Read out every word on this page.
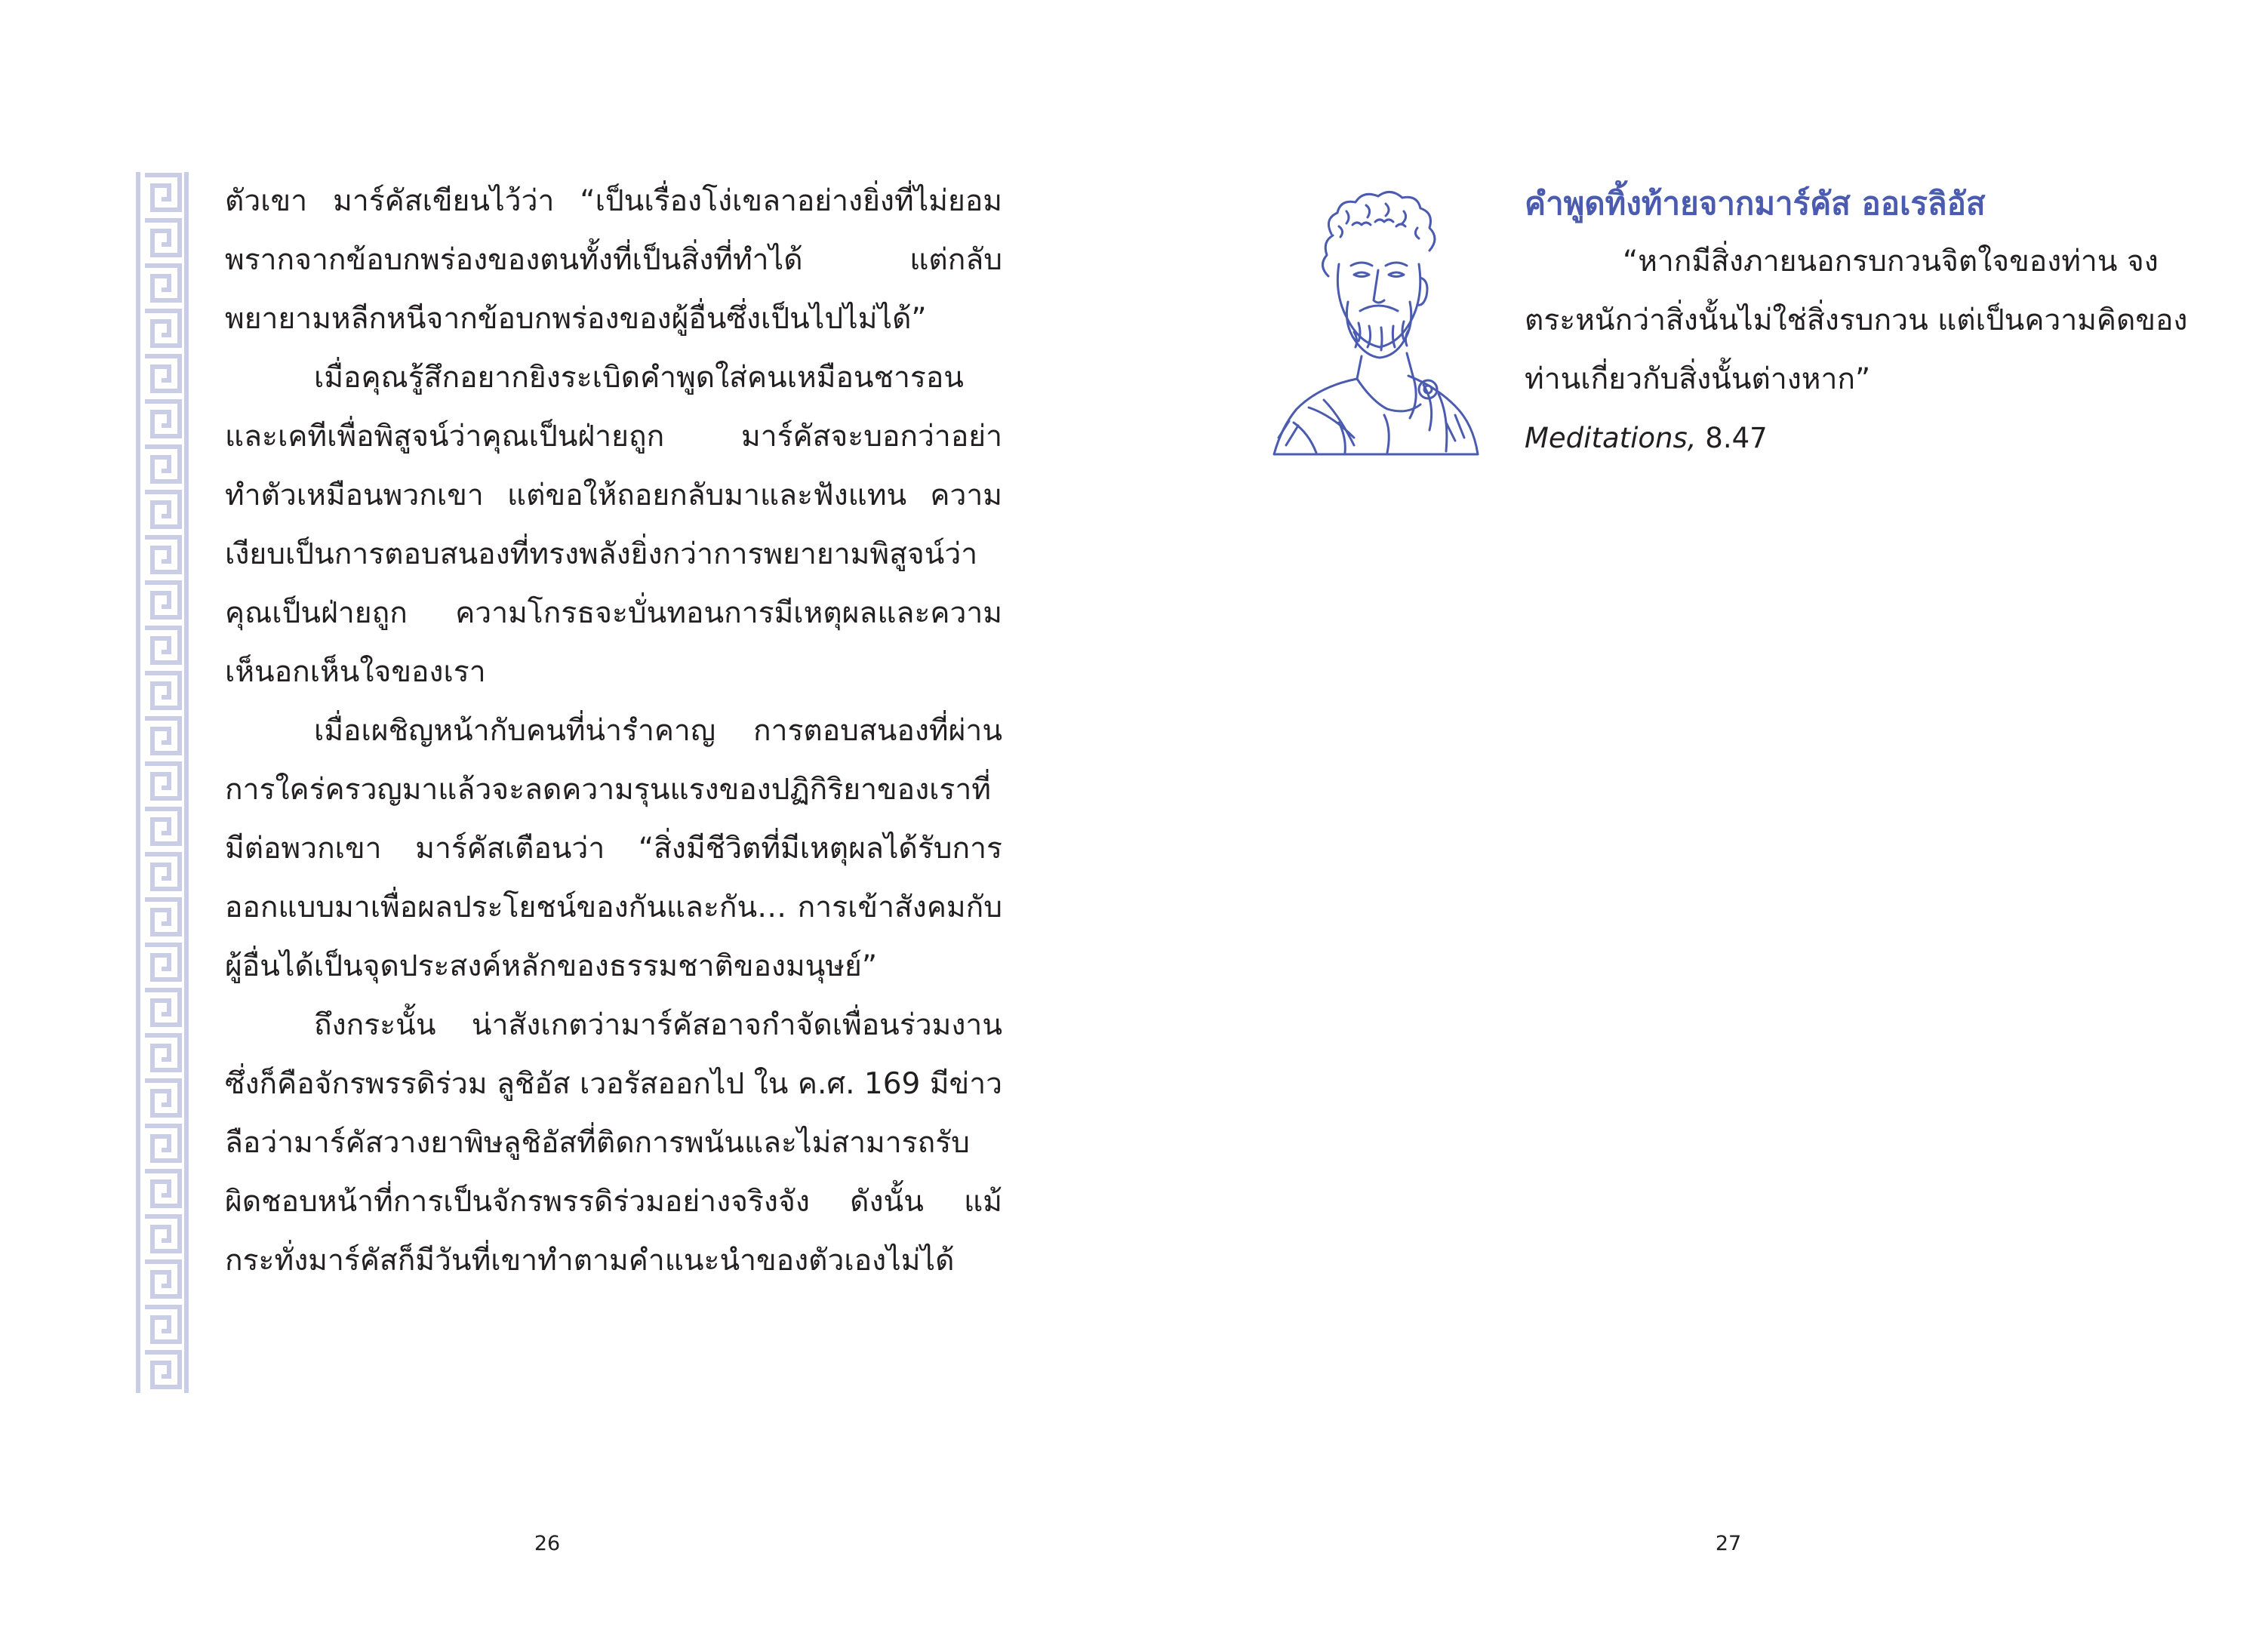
ตัวเขา มาร์คัสเขียนไว้ว่า “เป็นเรื่องโง่เขลาอย่างยิ่งที่ไม่ยอมพรากจากข้อบกพร่องของตนทั้งที่เป็นสิ่งที่ทำได้ แต่กลับพยายามหลีกหนีจากข้อบกพร่องของผู้อื่นซึ่งเป็นไปไม่ได้”

เมื่อคุณรู้สึกอยากยิงระเบิดคำพูดใส่คนเหมือนชารอนและเคทีเพื่อพิสูจน์ว่าคุณเป็นฝ่ายถูก มาร์คัสจะบอกว่าอย่าทำตัวเหมือนพวกเขา แต่ขอให้ถอยกลับมาและฟังแทน ความเงียบเป็นการตอบสนองที่ทรงพลังยิ่งกว่าการพยายามพิสูจน์ว่าคุณเป็นฝ่ายถูก ความโกรธจะบั่นทอนการมีเหตุผลและความเห็นอกเห็นใจของเรา

เมื่อเผชิญหน้ากับคนที่น่ารำคาญ การตอบสนองที่ผ่านการใคร่ครวญมาแล้วจะลดความรุนแรงของปฏิกิริยาของเราที่มีต่อพวกเขา มาร์คัสเตือนว่า “สิ่งมีชีวิตที่มีเหตุผลได้รับการออกแบบมาเพื่อผลประโยชน์ของกันและกัน… การเข้าสังคมกับผู้อื่นได้เป็นจุดประสงค์หลักของธรรมชาติของมนุษย์”

ถึงกระนั้น น่าสังเกตว่ามาร์คัสอาจกำจัดเพื่อนร่วมงานซึ่งก็คือจักรพรรดิร่วม ลูชิอัส เวอรัสออกไป ใน ค.ศ. 169 มีข่าวลือว่ามาร์คัสวางยาพิษลูชิอัสที่ติดการพนันและไม่สามารถรับผิดชอบหน้าที่การเป็นจักรพรรดิร่วมอย่างจริงจัง ดังนั้น แม้กระทั่งมาร์คัสก็มีวันที่เขาทำตามคำแนะนำของตัวเองไม่ได้

26
คำพูดทิ้งท้ายจากมาร์คัส ออเรลิอัส

“หากมีสิ่งภายนอกรบกวนจิตใจของท่าน จงตระหนักว่าสิ่งนั้นไม่ใช่สิ่งรบกวน แต่เป็นความคิดของท่านเกี่ยวกับสิ่งนั้นต่างหาก”

Meditations, 8.47

27
